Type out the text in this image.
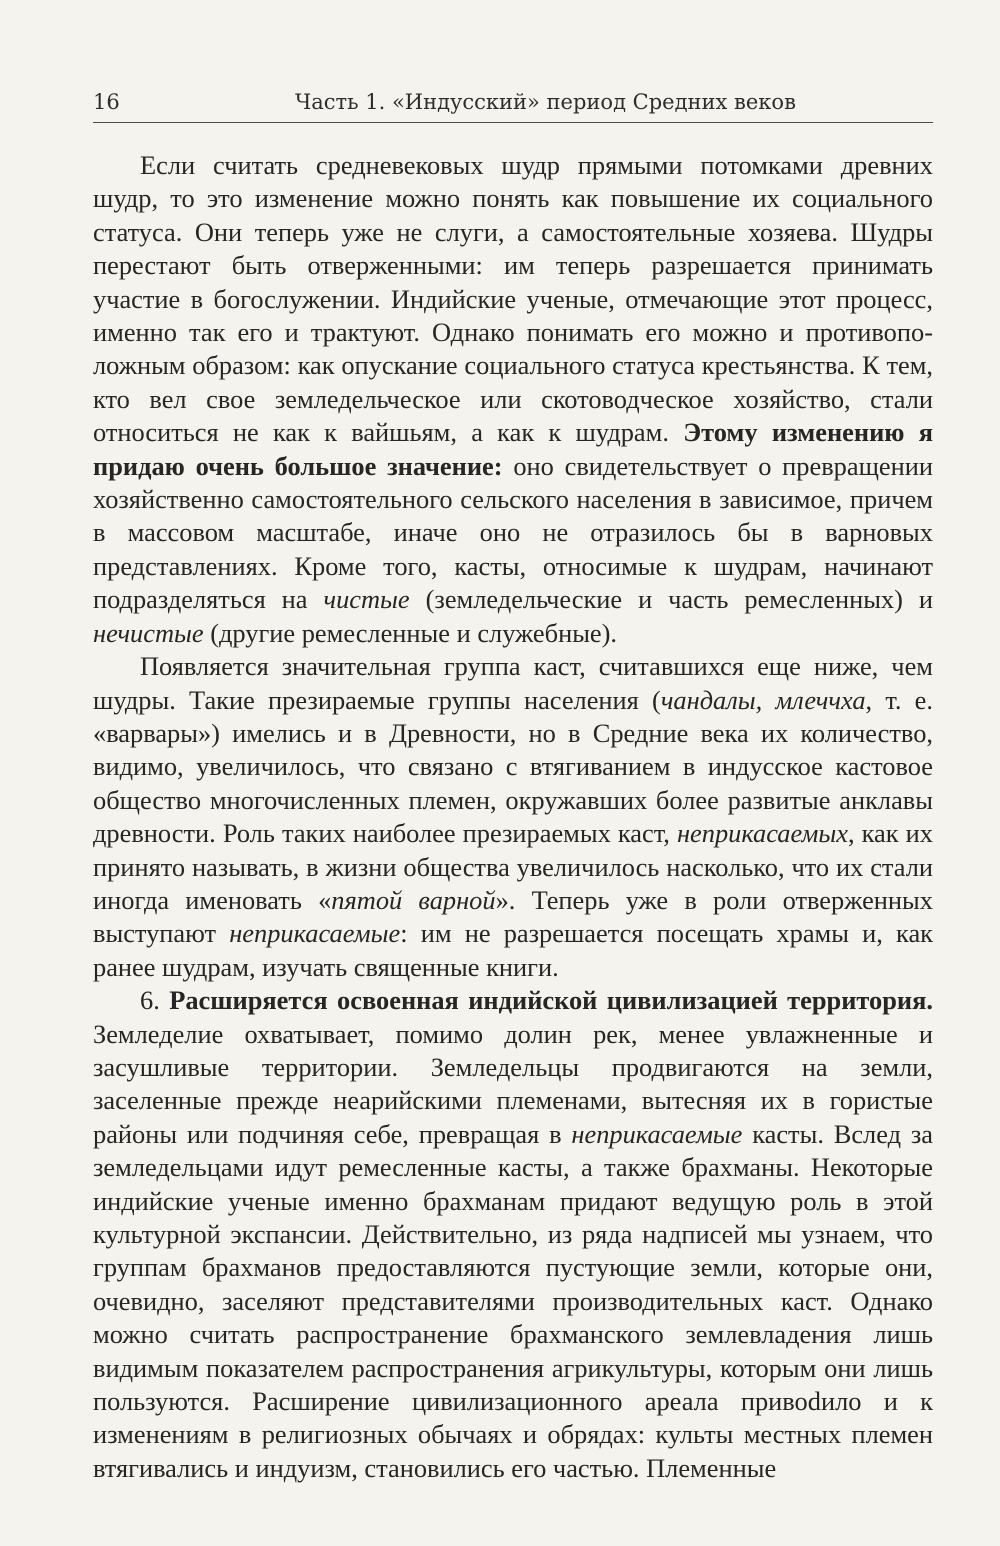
16	Часть 1. «Индусский» период Средних веков

Если считать средневековых шудр прямыми потомками древних шудр, то это изменение можно понять как повышение их социального статуса. Они теперь уже не слуги, а самостоятельные хозяева. Шудры перестают быть отверженными: им теперь разрешается принимать участие в богослужении. Индийские ученые, отмечающие этот процесс, именно так его и трактуют. Однако понимать его можно и противоположным образом: как опускание социального статуса крестьянства. К тем, кто вел свое земледельческое или скотоводческое хозяйство, стали относиться не как к вайшьям, а как к шудрам. Этому изменению я придаю очень большое значение: оно свидетельствует о превращении хозяйственно самостоятельного сельского населения в зависимое, причем в массовом масштабе, иначе оно не отразилось бы в варновых представлениях. Кроме того, касты, относимые к шудрам, начинают подразделяться на чистые (земледельческие и часть ремесленных) и нечистые (другие ремесленные и служебные).

Появляется значительная группа каст, считавшихся еще ниже, чем шудры. Такие презираемые группы населения (чандалы, млеччха, т. е. «варвары») имелись и в Древности, но в Средние века их количество, видимо, увеличилось, что связано с втягиванием в индусское кастовое общество многочисленных племен, окружавших более развитые анклавы древности. Роль таких наиболее презираемых каст, неприкасаемых, как их принято называть, в жизни общества увеличилось насколько, что их стали иногда именовать «пятой варной». Теперь уже в роли отверженных выступают неприкасаемые: им не разрешается посещать храмы и, как ранее шудрам, изучать священные книги.

6. Расширяется освоенная индийской цивилизацией территория. Земледелие охватывает, помимо долин рек, менее увлажненные и засушливые территории. Земледельцы продвигаются на земли, заселенные прежде неарийскими племенами, вытесняя их в гористые районы или подчиняя себе, превращая в неприкасаемые касты. Вслед за земледельцами идут ремесленные касты, а также брахманы. Некоторые индийские ученые именно брахманам придают ведущую роль в этой культурной экспансии. Действительно, из ряда надписей мы узнаем, что группам брахманов предоставляются пустующие земли, которые они, очевидно, заселяют представителями производительных каст. Однако можно считать распространение брахманского землевладения лишь видимым показателем распространения агрикультуры, которым они лишь пользуются. Расширение цивилизационного ареала привоdило и к изменениям в религиозных обычаях и обрядах: культы местных племен втягивались и индуизм, становились его частью. Племенные
